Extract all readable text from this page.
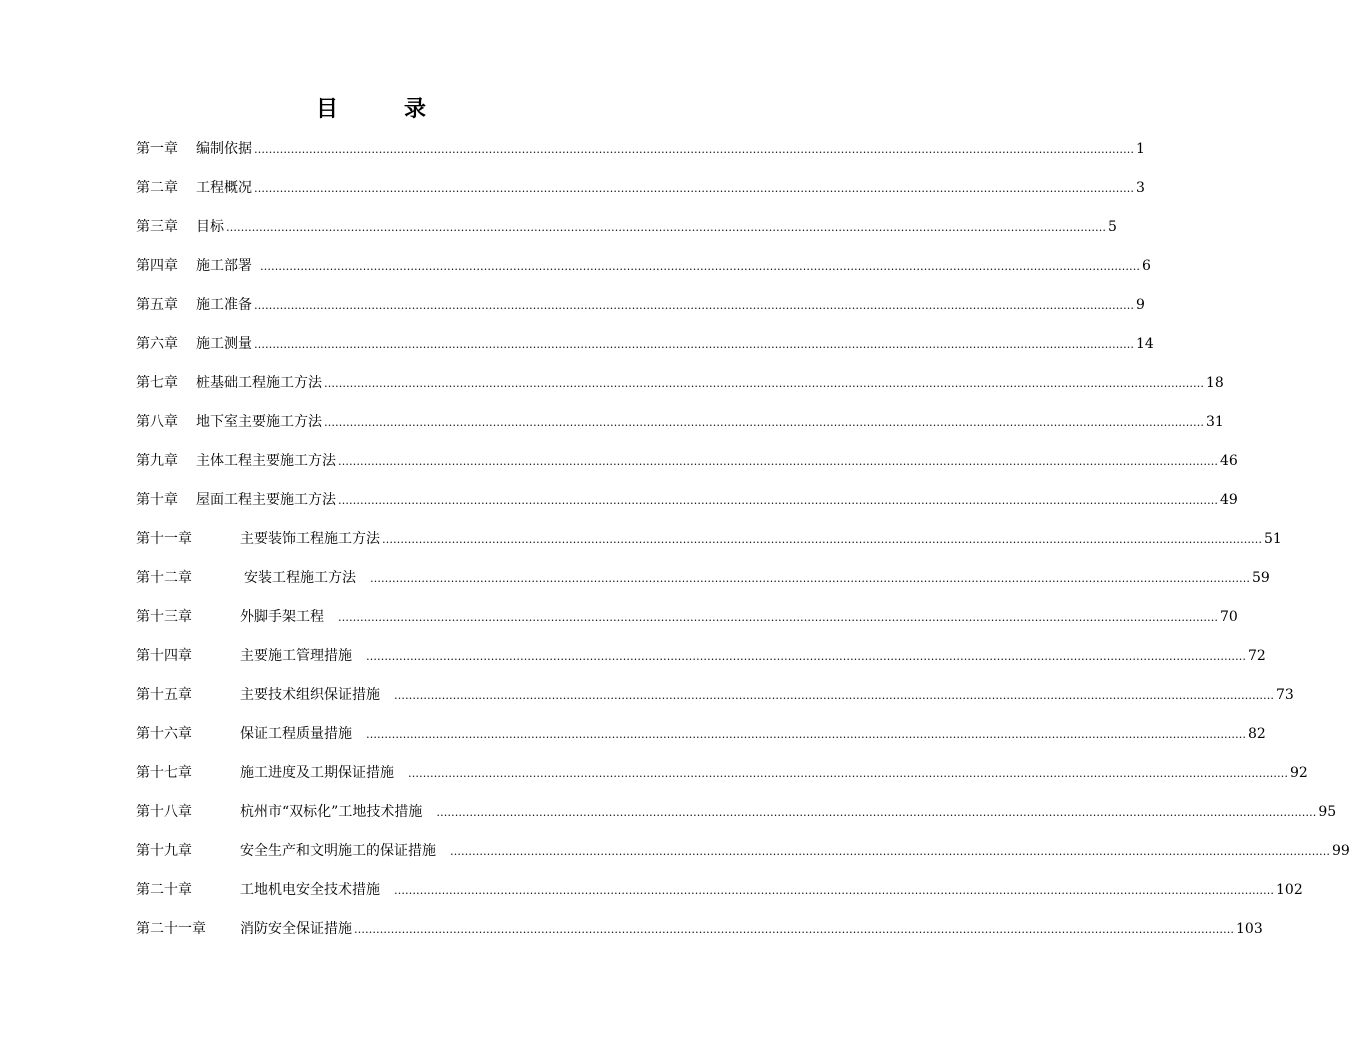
目	录
第一章 编制依据 …………………………………………………………………………………………………………………………………………………………………………………………………………………… 1
第二章 工程概况 …………………………………………………………………………………………………………………………………………………………………………………………………………………… 3
第三章 目标 …………………………………………………………………………………………………………………………………………………………………………………………………………………… 5
第四章 施工部署 …………………………………………………………………………………………………………………………………………………………………………………………………………………… 6
第五章 施工准备 …………………………………………………………………………………………………………………………………………………………………………………………………………………… 9
第六章 施工测量 …………………………………………………………………………………………………………………………………………………………………………………………………………………… 14
第七章 桩基础工程施工方法 …………………………………………………………………………………………………………………………………………………………………………………………………………………… 18
第八章 地下室主要施工方法 …………………………………………………………………………………………………………………………………………………………………………………………………………………… 31
第九章 主体工程主要施工方法 …………………………………………………………………………………………………………………………………………………………………………………………………………………… 46
第十章 屋面工程主要施工方法 …………………………………………………………………………………………………………………………………………………………………………………………………………………… 49
第十一章	主要装饰工程施工方法 …………………………………………………………………………………………………………………………………………………………………………………………………………………… 51
第十二章	安装工程施工方法	…………………………………………………………………………………………………………………………………………………………………………………………………………………… 59
第十三章	外脚手架工程	…………………………………………………………………………………………………………………………………………………………………………………………………………………… 70
第十四章	主要施工管理措施	…………………………………………………………………………………………………………………………………………………………………………………………………………………… 72
第十五章	主要技术组织保证措施	…………………………………………………………………………………………………………………………………………………………………………………………………………………… 73
第十六章	保证工程质量措施	…………………………………………………………………………………………………………………………………………………………………………………………………………………… 82
第十七章	施工进度及工期保证措施	…………………………………………………………………………………………………………………………………………………………………………………………………………………… 92
第十八章	杭州市“双标化”工地技术措施	…………………………………………………………………………………………………………………………………………………………………………………………………………………… 95
第十九章	安全生产和文明施工的保证措施	…………………………………………………………………………………………………………………………………………………………………………………………………………………… 99
第二十章	工地机电安全技术措施	…………………………………………………………………………………………………………………………………………………………………………………………………………………… 102
第二十一章 消防安全保证措施 …………………………………………………………………………………………………………………………………………………………………………………………………………………… 103
